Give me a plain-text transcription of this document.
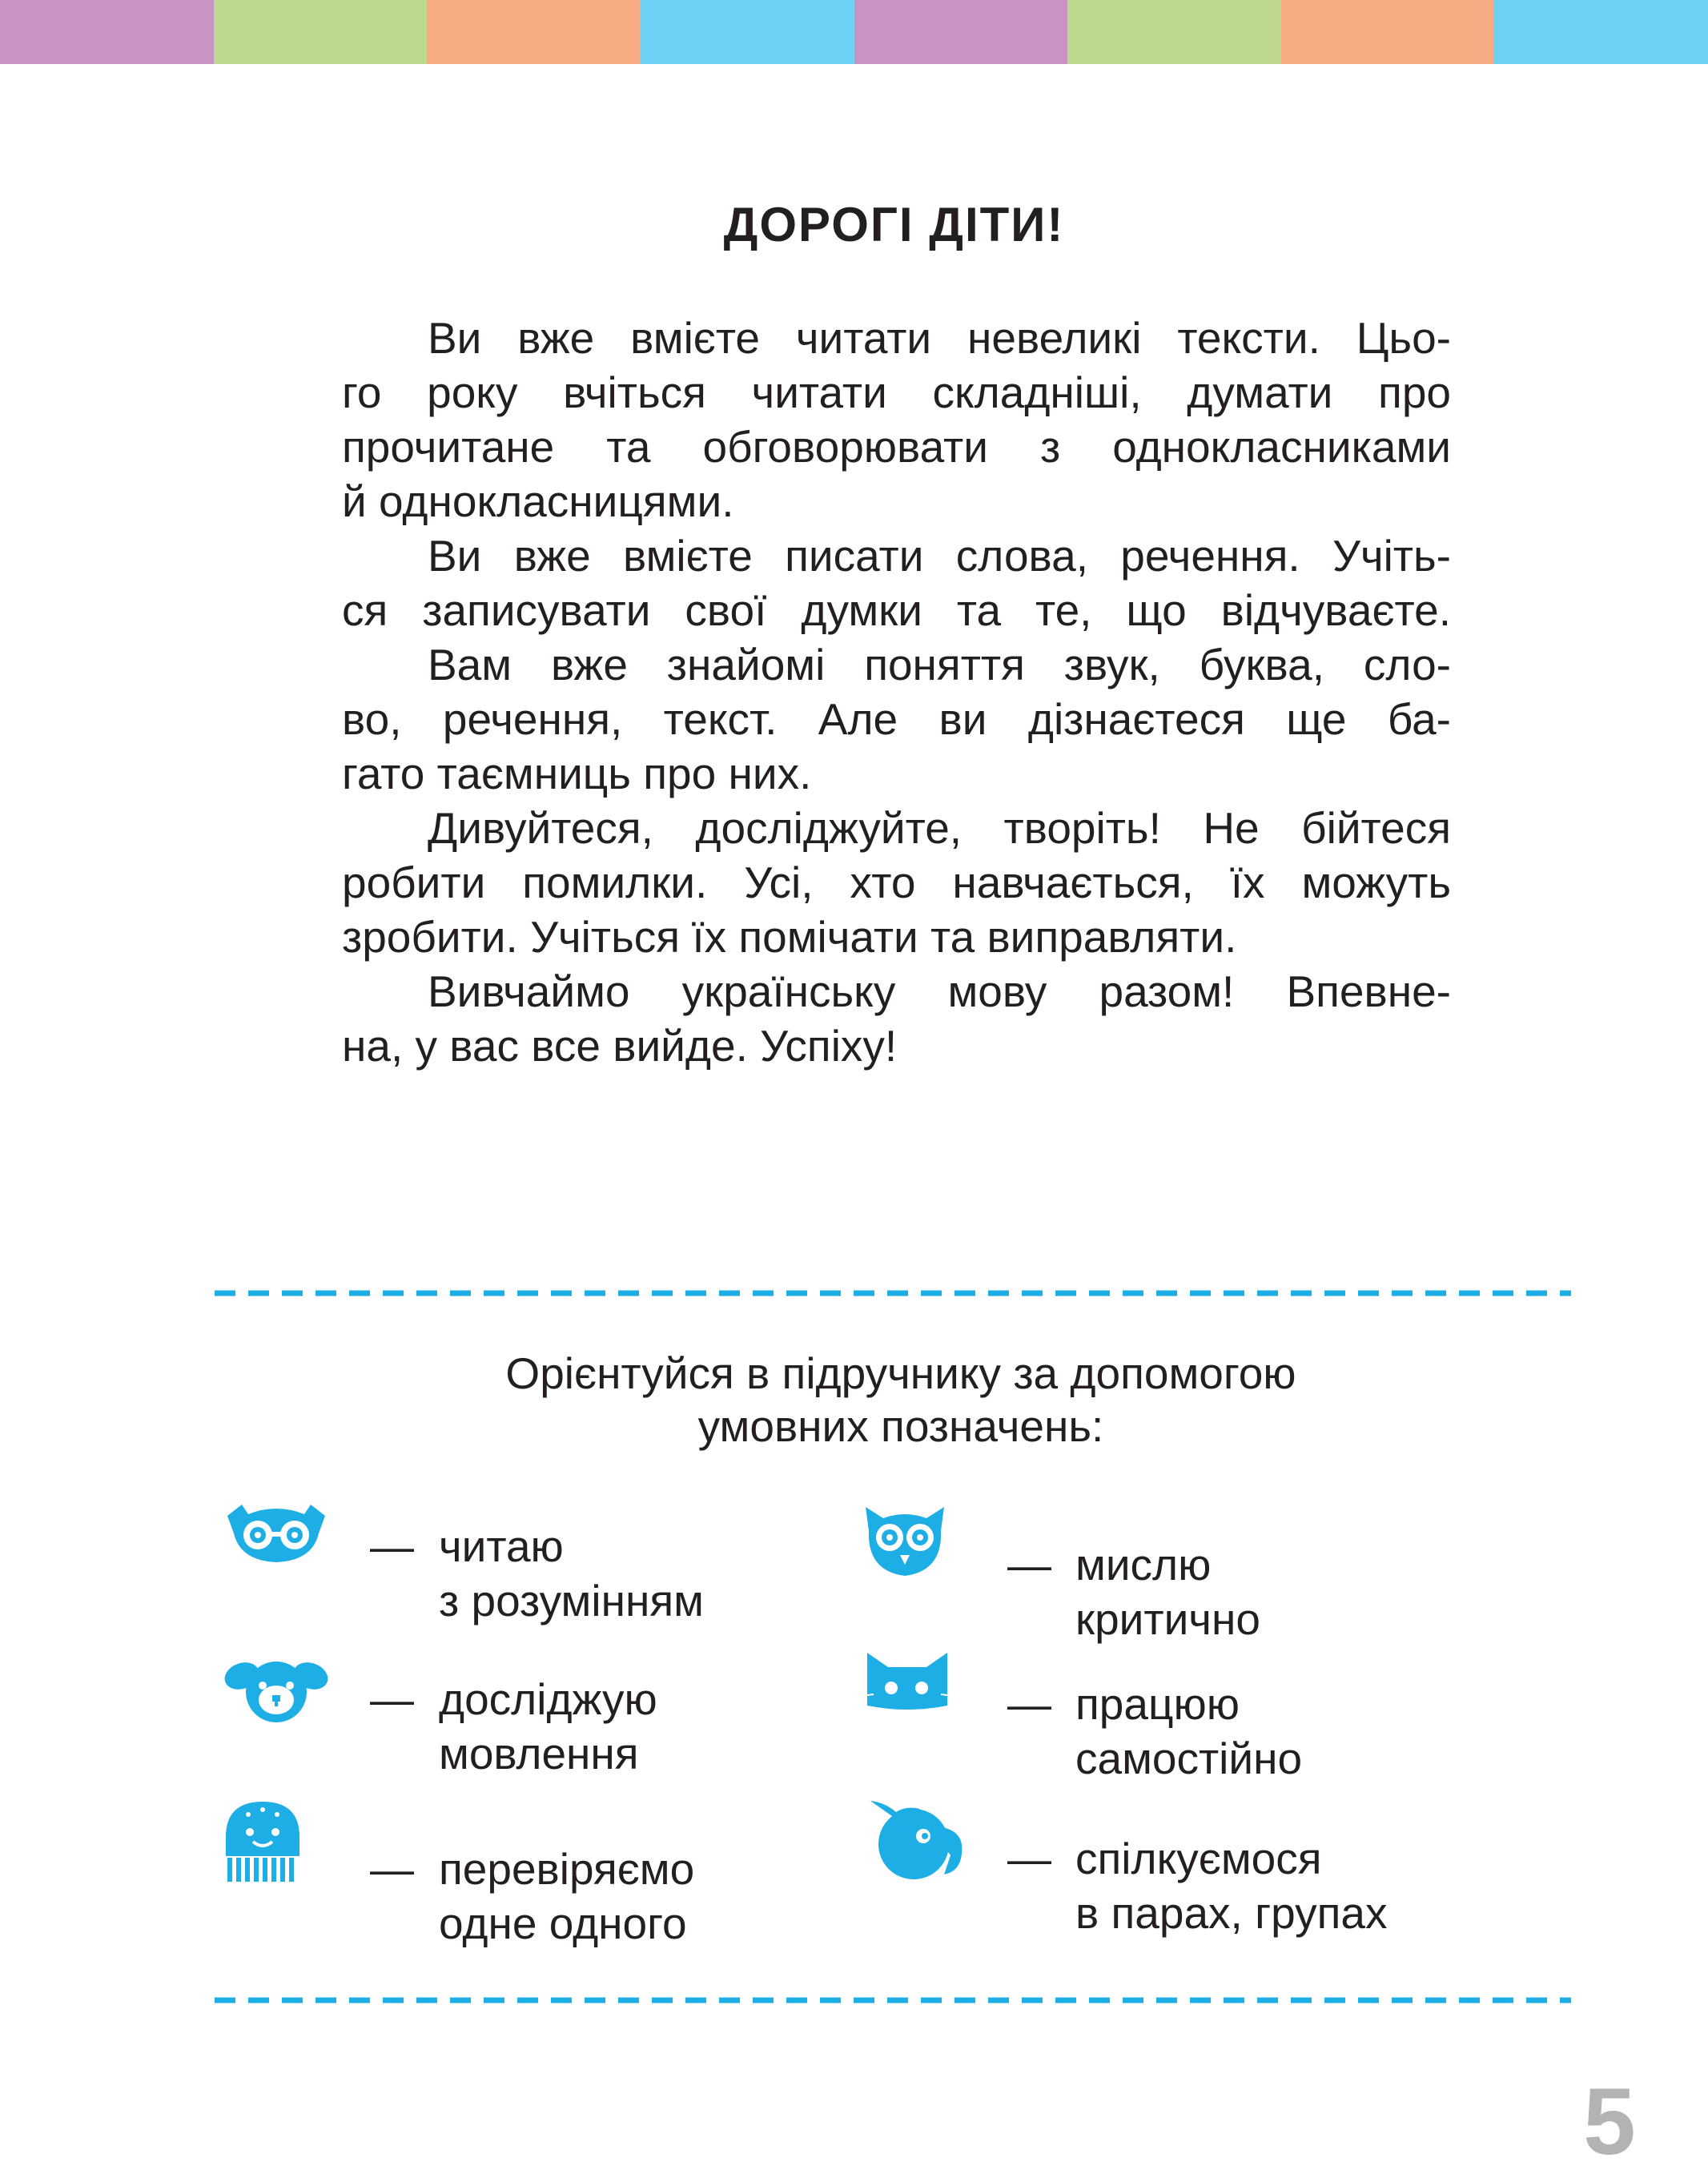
ДОРОГІ ДІТИ!
Ви вже вмієте читати невеликі тексти. Цьо-
го року вчіться читати складніші, думати про
прочитане та обговорювати з однокласниками
й однокласницями.
Ви вже вмієте писати слова, речення. Учіть-
ся записувати свої думки та те, що відчуваєте.
Вам вже знайомі поняття звук, буква, сло-
во, речення, текст. Але ви дізнаєтеся ще ба-
гато таємниць про них.
Дивуйтеся, досліджуйте, творіть! Не бійтеся
робити помилки. Усі, хто навчається, їх можуть
зробити. Учіться їх помічати та виправляти.
Вивчаймо українську мову разом! Впевне-
на, у вас все вийде. Успіху!

Орієнтуйся в підручнику за допомогою
умовних позначень:

— читаю
з розумінням
— мислю
критично
— досліджую
мовлення
— працюю
самостійно
— перевіряємо
одне одного
— спілкуємося
в парах, групах

5
